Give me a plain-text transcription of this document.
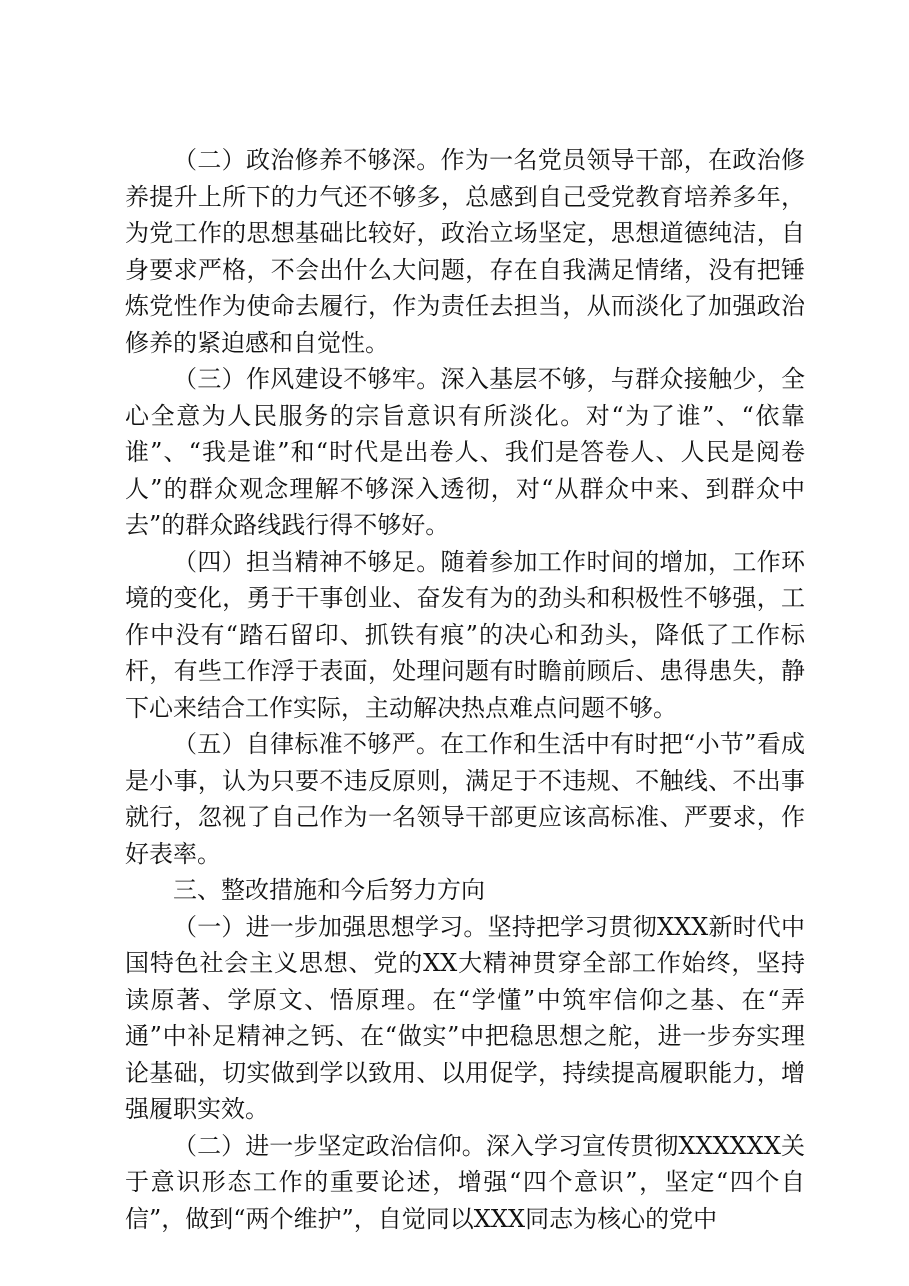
（二）政治修养不够深。作为一名党员领导干部，在政治修养提升上所下的力气还不够多，总感到自己受党教育培养多年，为党工作的思想基础比较好，政治立场坚定，思想道德纯洁，自身要求严格，不会出什么大问题，存在自我满足情绪，没有把锤炼党性作为使命去履行，作为责任去担当，从而淡化了加强政治修养的紧迫感和自觉性。

（三）作风建设不够牢。深入基层不够，与群众接触少，全心全意为人民服务的宗旨意识有所淡化。对“为了谁”、“依靠谁”、“我是谁”和“时代是出卷人、我们是答卷人、人民是阅卷人”的群众观念理解不够深入透彻，对“从群众中来、到群众中去”的群众路线践行得不够好。

（四）担当精神不够足。随着参加工作时间的增加，工作环境的变化，勇于干事创业、奋发有为的劲头和积极性不够强，工作中没有“踏石留印、抓铁有痕”的决心和劲头，降低了工作标杆，有些工作浮于表面，处理问题有时瞻前顾后、患得患失，静下心来结合工作实际，主动解决热点难点问题不够。

（五）自律标准不够严。在工作和生活中有时把“小节”看成是小事，认为只要不违反原则，满足于不违规、不触线、不出事就行，忽视了自己作为一名领导干部更应该高标准、严要求，作好表率。

三、整改措施和今后努力方向

（一）进一步加强思想学习。坚持把学习贯彻XXX新时代中国特色社会主义思想、党的XX大精神贯穿全部工作始终，坚持读原著、学原文、悟原理。在“学懂”中筑牢信仰之基、在“弄通”中补足精神之钙、在“做实”中把稳思想之舵，进一步夯实理论基础，切实做到学以致用、以用促学，持续提高履职能力，增强履职实效。

（二）进一步坚定政治信仰。深入学习宣传贯彻XXXXXX关于意识形态工作的重要论述，增强“四个意识”，坚定“四个自信”，做到“两个维护”，自觉同以XXX同志为核心的党中
